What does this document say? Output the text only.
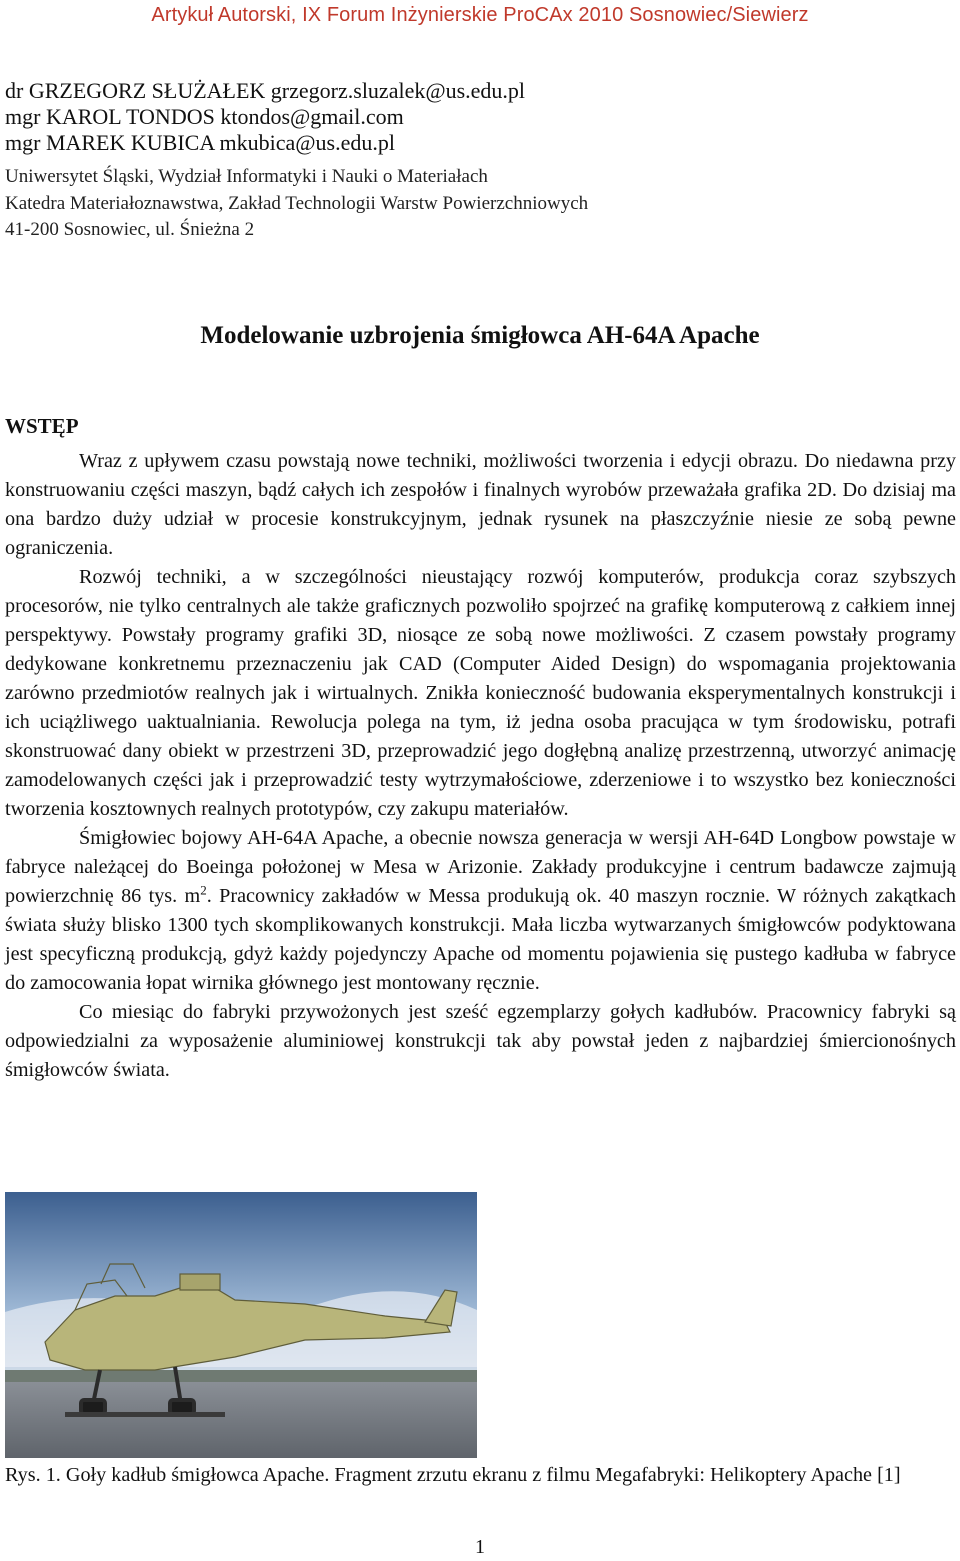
Artykuł Autorski, IX Forum Inżynierskie ProCAx 2010 Sosnowiec/Siewierz
dr GRZEGORZ SŁUŻAŁEK grzegorz.sluzalek@us.edu.pl
mgr KAROL TONDOS ktondos@gmail.com
mgr MAREK KUBICA mkubica@us.edu.pl
Uniwersytet Śląski, Wydział Informatyki i Nauki o Materiałach
Katedra Materiałoznawstwa, Zakład Technologii Warstw Powierzchniowych
41-200 Sosnowiec, ul. Śnieżna 2
Modelowanie uzbrojenia śmigłowca AH-64A Apache
WSTĘP

Wraz z upływem czasu powstają nowe techniki, możliwości tworzenia i edycji obrazu. Do niedawna przy konstruowaniu części maszyn, bądź całych ich zespołów i finalnych wyrobów przeważała grafika 2D. Do dzisiaj ma ona bardzo duży udział w procesie konstrukcyjnym, jednak rysunek na płaszczyźnie niesie ze sobą pewne ograniczenia.

Rozwój techniki, a w szczególności nieustający rozwój komputerów, produkcja coraz szybszych procesorów, nie tylko centralnych ale także graficznych pozwoliło spojrzeć na grafikę komputerową z całkiem innej perspektywy. Powstały programy grafiki 3D, niosące ze sobą nowe możliwości. Z czasem powstały programy dedykowane konkretnemu przeznaczeniu jak CAD (Computer Aided Design) do wspomagania projektowania zarówno przedmiotów realnych jak i wirtualnych. Znikła konieczność budowania eksperymentalnych konstrukcji i ich uciążliwego uaktualniania. Rewolucja polega na tym, iż jedna osoba pracująca w tym środowisku, potrafi skonstruować dany obiekt w przestrzeni 3D, przeprowadzić jego dogłębną analizę przestrzenną, utworzyć animację zamodelowanych części jak i przeprowadzić testy wytrzymałościowe, zderzeniowe i to wszystko bez konieczności tworzenia kosztownych realnych prototypów, czy zakupu materiałów.

Śmigłowiec bojowy AH-64A Apache, a obecnie nowsza generacja w wersji AH-64D Longbow powstaje w fabryce należącej do Boeinga położonej w Mesa w Arizonie. Zakłady produkcyjne i centrum badawcze zajmują powierzchnię 86 tys. $m^2$. Pracownicy zakładów w Messa produkują ok. 40 maszyn rocznie. W różnych zakątkach świata służy blisko 1300 tych skomplikowanych konstrukcji. Mała liczba wytwarzanych śmigłowców podyktowana jest specyficzną produkcją, gdyż każdy pojedynczy Apache od momentu pojawienia się pustego kadłuba w fabryce do zamocowania łopat wirnika głównego jest montowany ręcznie.

Co miesiąc do fabryki przywożonych jest sześć egzemplarzy gołych kadłubów. Pracownicy fabryki są odpowiedzialni za wyposażenie aluminiowej konstrukcji tak aby powstał jeden z najbardziej śmiercionośnych śmigłowców świata.

Rys. 1. Goły kadłub śmigłowca Apache. Fragment zrzutu ekranu z filmu Megafabryki: Helikoptery Apache [1]
1
